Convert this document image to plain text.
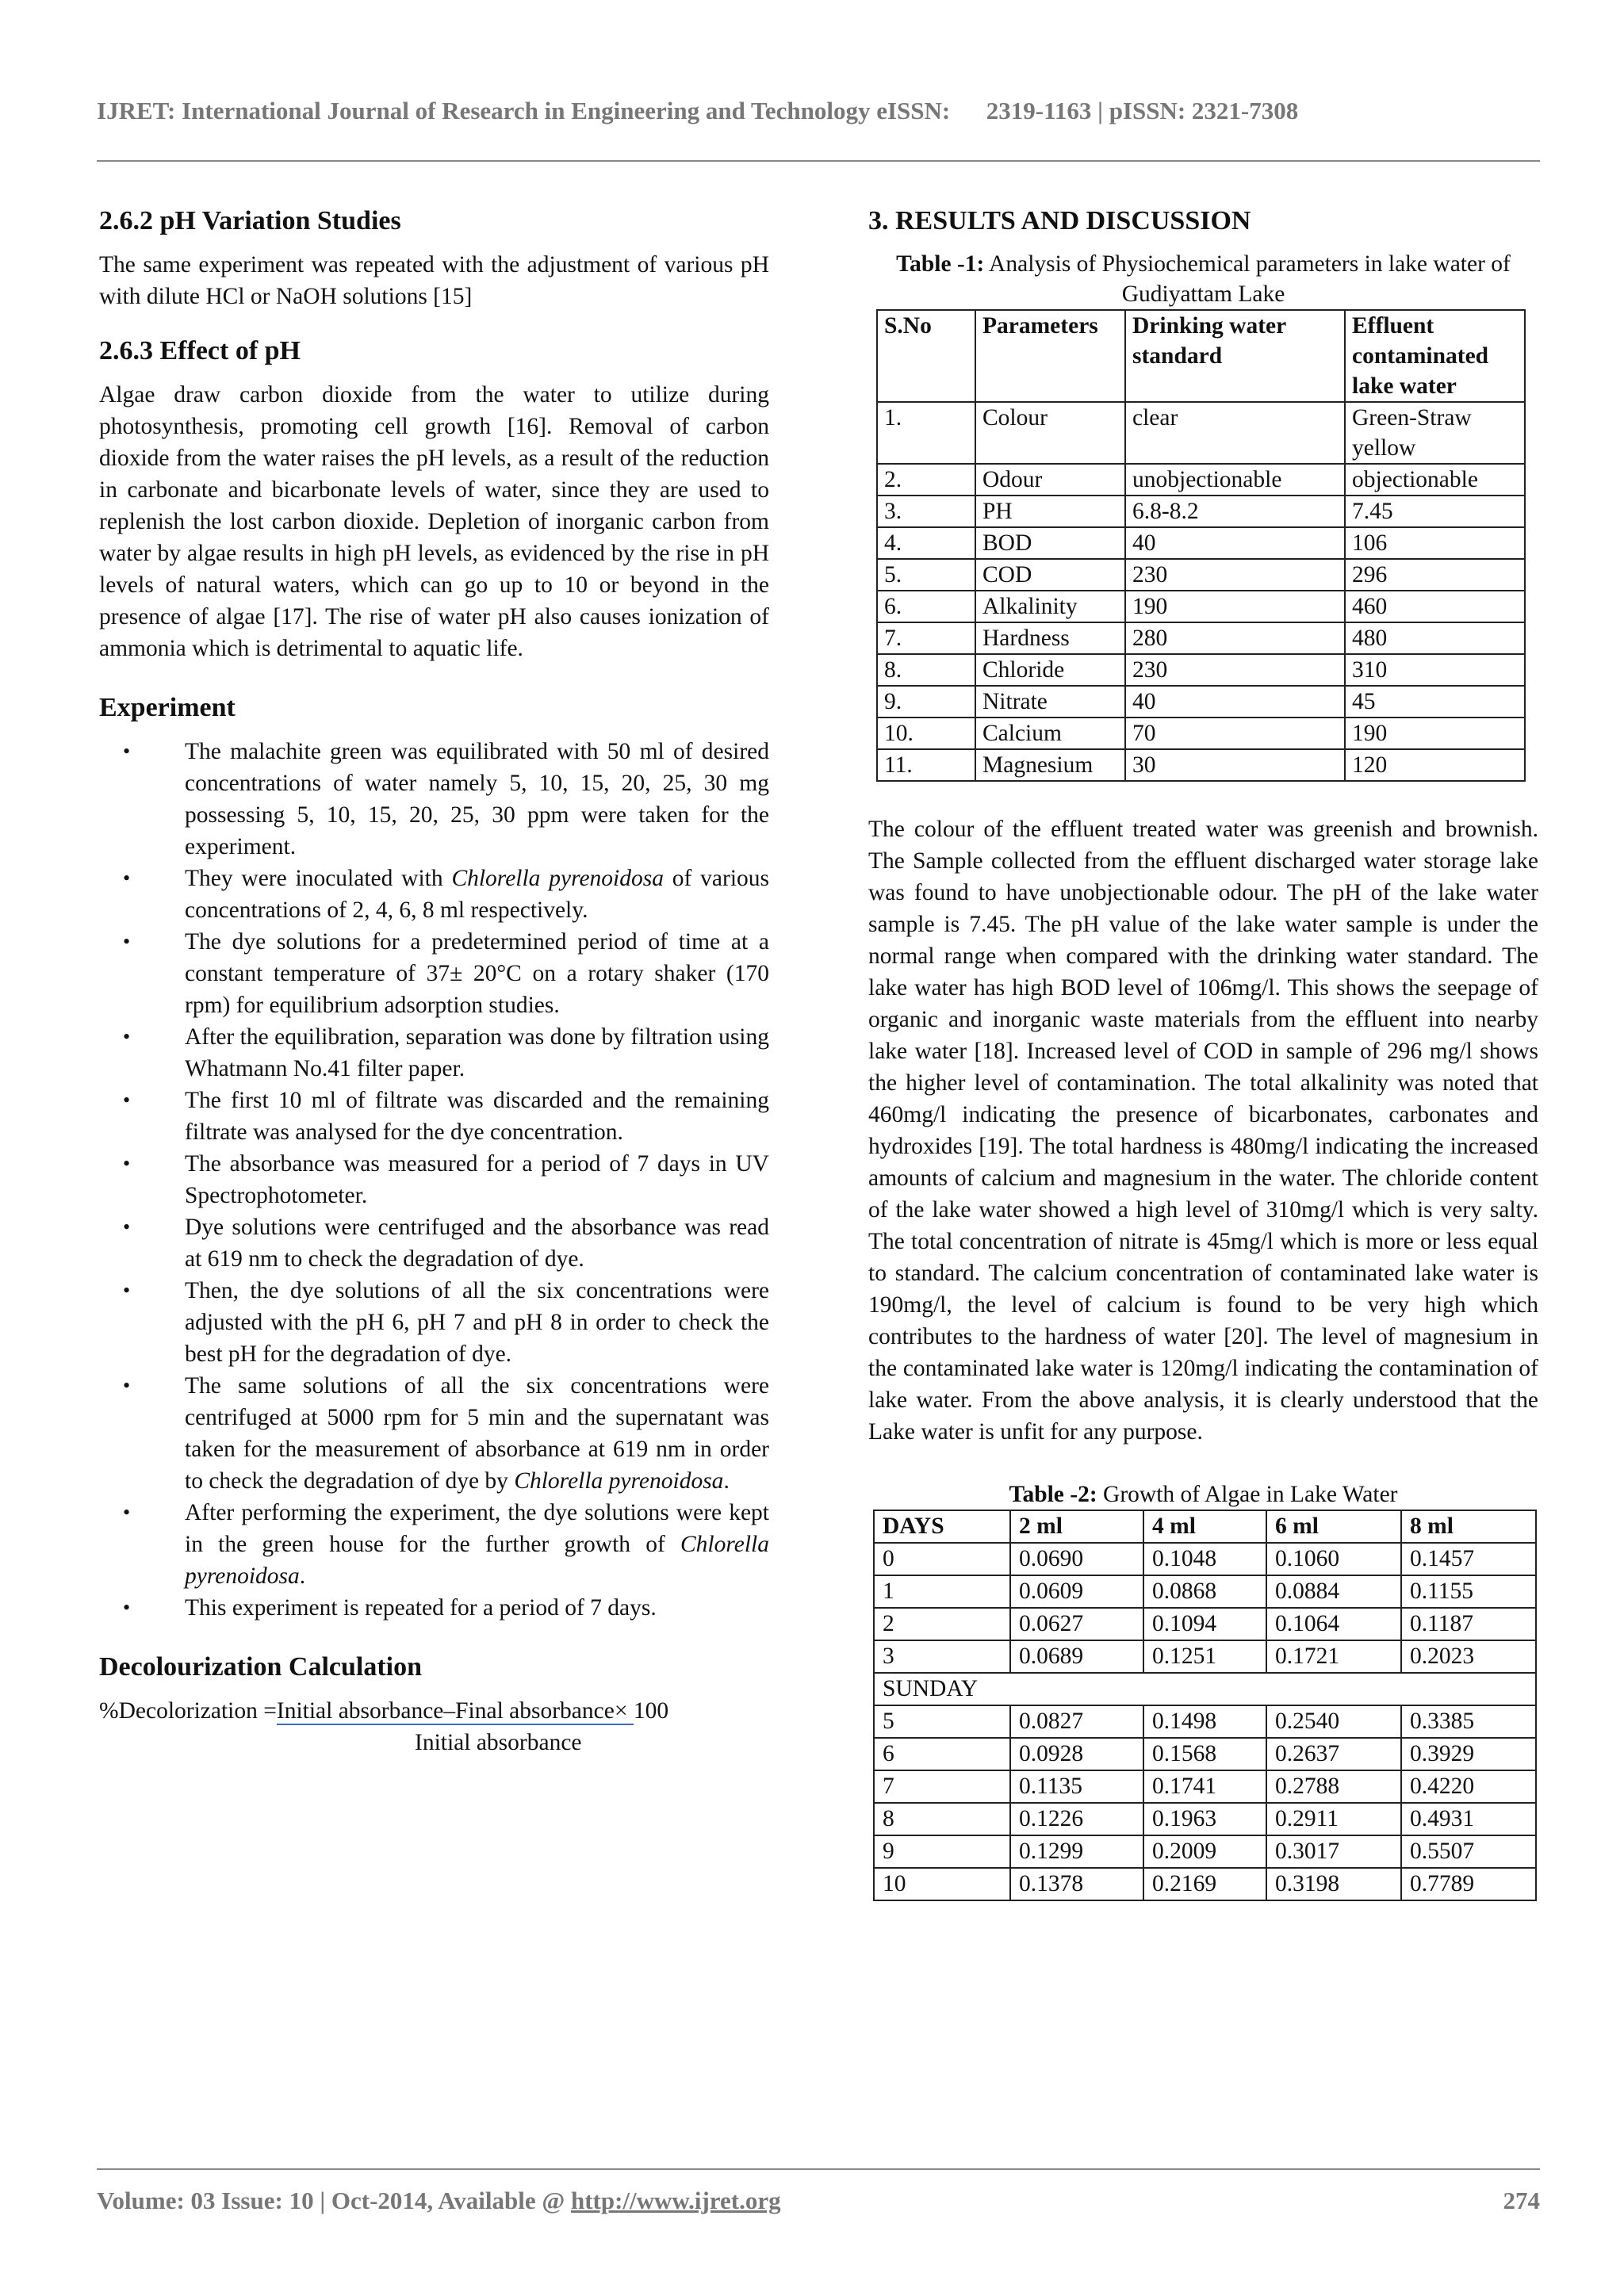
IJRET: International Journal of Research in Engineering and Technology eISSN: 2319-1163 | pISSN: 2321-7308
2.6.2 pH Variation Studies

The same experiment was repeated with the adjustment of various pH with dilute HCl or NaOH solutions [15]

2.6.3 Effect of pH

Algae draw carbon dioxide from the water to utilize during photosynthesis, promoting cell growth [16]. Removal of carbon dioxide from the water raises the pH levels, as a result of the reduction in carbonate and bicarbonate levels of water, since they are used to replenish the lost carbon dioxide. Depletion of inorganic carbon from water by algae results in high pH levels, as evidenced by the rise in pH levels of natural waters, which can go up to 10 or beyond in the presence of algae [17]. The rise of water pH also causes ionization of ammonia which is detrimental to aquatic life.

Experiment
• The malachite green was equilibrated with 50 ml of desired concentrations of water namely 5, 10, 15, 20, 25, 30 mg possessing 5, 10, 15, 20, 25, 30 ppm were taken for the experiment.
• They were inoculated with Chlorella pyrenoidosa of various concentrations of 2, 4, 6, 8 ml respectively.
• The dye solutions for a predetermined period of time at a constant temperature of 37± 20°C on a rotary shaker (170 rpm) for equilibrium adsorption studies.
• After the equilibration, separation was done by filtration using Whatmann No.41 filter paper.
• The first 10 ml of filtrate was discarded and the remaining filtrate was analysed for the dye concentration.
• The absorbance was measured for a period of 7 days in UV Spectrophotometer.
• Dye solutions were centrifuged and the absorbance was read at 619 nm to check the degradation of dye.
• Then, the dye solutions of all the six concentrations were adjusted with the pH 6, pH 7 and pH 8 in order to check the best pH for the degradation of dye.
• The same solutions of all the six concentrations were centrifuged at 5000 rpm for 5 min and the supernatant was taken for the measurement of absorbance at 619 nm in order to check the degradation of dye by Chlorella pyrenoidosa.
• After performing the experiment, the dye solutions were kept in the green house for the further growth of Chlorella pyrenoidosa.
• This experiment is repeated for a period of 7 days.
Decolourization Calculation
%Decolorization =Initial absorbance–Final absorbance× 100
Initial absorbance
3. RESULTS AND DISCUSSION
Table -1: Analysis of Physiochemical parameters in lake water of Gudiyattam Lake
S.No	Parameters	Drinking water standard	Effluent contaminated lake water
1.	Colour	clear	Green-Straw yellow
2.	Odour	unobjectionable	objectionable
3.	PH	6.8-8.2	7.45
4.	BOD	40	106
5.	COD	230	296
6.	Alkalinity	190	460
7.	Hardness	280	480
8.	Chloride	230	310
9.	Nitrate	40	45
10.	Calcium	70	190
11.	Magnesium	30	120

The colour of the effluent treated water was greenish and brownish. The Sample collected from the effluent discharged water storage lake was found to have unobjectionable odour. The pH of the lake water sample is 7.45. The pH value of the lake water sample is under the normal range when compared with the drinking water standard. The lake water has high BOD level of 106mg/l. This shows the seepage of organic and inorganic waste materials from the effluent into nearby lake water [18]. Increased level of COD in sample of 296 mg/l shows the higher level of contamination. The total alkalinity was noted that 460mg/l indicating the presence of bicarbonates, carbonates and hydroxides [19]. The total hardness is 480mg/l indicating the increased amounts of calcium and magnesium in the water. The chloride content of the lake water showed a high level of 310mg/l which is very salty. The total concentration of nitrate is 45mg/l which is more or less equal to standard. The calcium concentration of contaminated lake water is 190mg/l, the level of calcium is found to be very high which contributes to the hardness of water [20]. The level of magnesium in the contaminated lake water is 120mg/l indicating the contamination of lake water. From the above analysis, it is clearly understood that the Lake water is unfit for any purpose.

Table -2: Growth of Algae in Lake Water
DAYS	2 ml	4 ml	6 ml	8 ml
0	0.0690	0.1048	0.1060	0.1457
1	0.0609	0.0868	0.0884	0.1155
2	0.0627	0.1094	0.1064	0.1187
3	0.0689	0.1251	0.1721	0.2023
SUNDAY				
5	0.0827	0.1498	0.2540	0.3385
6	0.0928	0.1568	0.2637	0.3929
7	0.1135	0.1741	0.2788	0.4220
8	0.1226	0.1963	0.2911	0.4931
9	0.1299	0.2009	0.3017	0.5507
10	0.1378	0.2169	0.3198	0.7789
Volume: 03 Issue: 10 | Oct-2014, Available @ http://www.ijret.org	274
